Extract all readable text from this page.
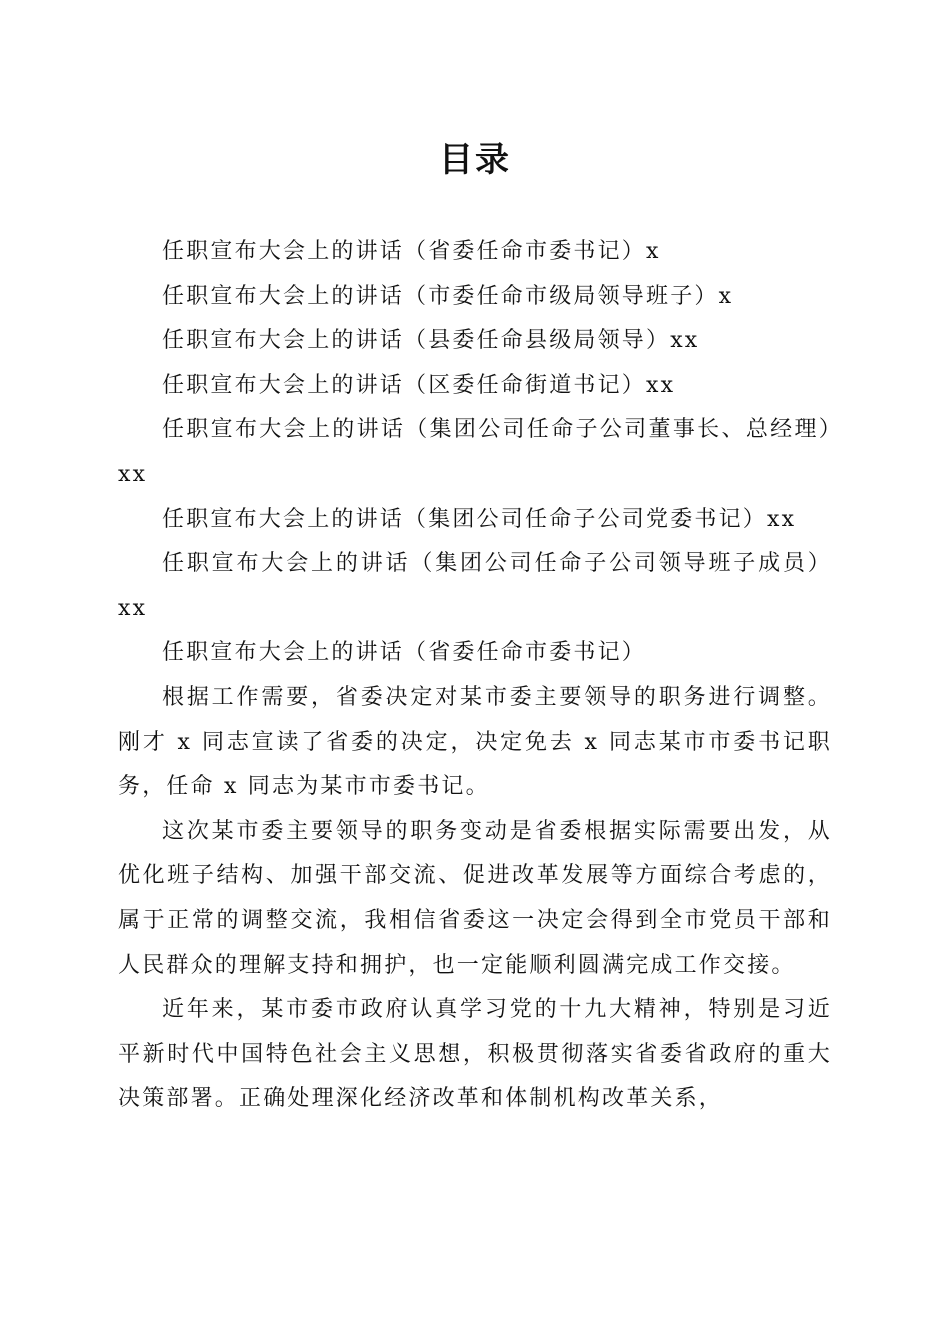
目录
任职宣布大会上的讲话（省委任命市委书记）x
任职宣布大会上的讲话（市委任命市级局领导班子）x
任职宣布大会上的讲话（县委任命县级局领导）xx
任职宣布大会上的讲话（区委任命街道书记）xx
任职宣布大会上的讲话（集团公司任命子公司董事长、总经理）xx
任职宣布大会上的讲话（集团公司任命子公司党委书记）xx
任职宣布大会上的讲话（集团公司任命子公司领导班子成员）xx

任职宣布大会上的讲话（省委任命市委书记）

根据工作需要，省委决定对某市委主要领导的职务进行调整。刚才 x 同志宣读了省委的决定，决定免去 x 同志某市市委书记职务，任命 x 同志为某市市委书记。

这次某市委主要领导的职务变动是省委根据实际需要出发，从优化班子结构、加强干部交流、促进改革发展等方面综合考虑的，属于正常的调整交流，我相信省委这一决定会得到全市党员干部和人民群众的理解支持和拥护，也一定能顺利圆满完成工作交接。

近年来，某市委市政府认真学习党的十九大精神，特别是习近平新时代中国特色社会主义思想，积极贯彻落实省委省政府的重大决策部署。正确处理深化经济改革和体制机构改革关系，
